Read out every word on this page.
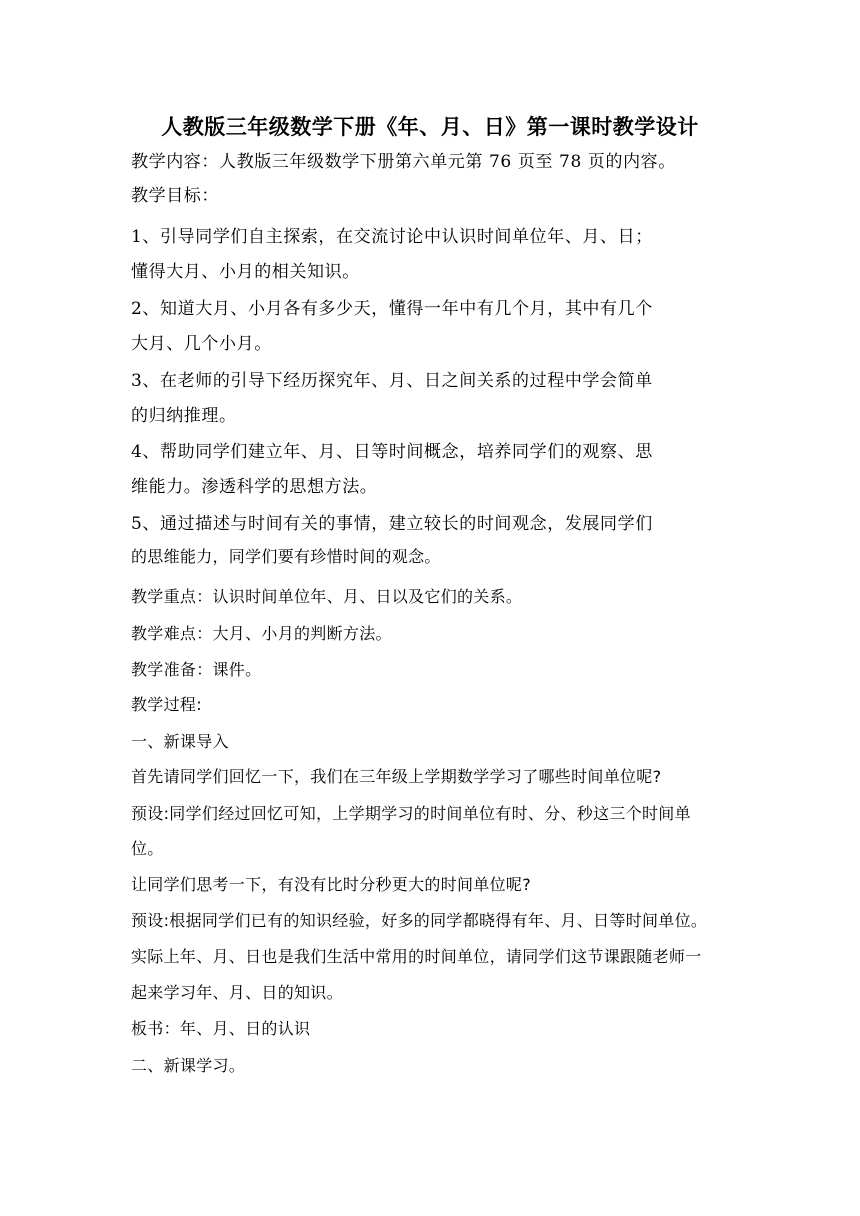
人教版三年级数学下册《年、月、日》第一课时教学设计
教学内容：人教版三年级数学下册第六单元第 76 页至 78 页的内容。
教学目标：
1、引导同学们自主探索，在交流讨论中认识时间单位年、月、日；
懂得大月、小月的相关知识。
2、知道大月、小月各有多少天，懂得一年中有几个月，其中有几个
大月、几个小月。
3、在老师的引导下经历探究年、月、日之间关系的过程中学会简单
的归纳推理。
4、帮助同学们建立年、月、日等时间概念，培养同学们的观察、思
维能力。渗透科学的思想方法。
5、通过描述与时间有关的事情，建立较长的时间观念，发展同学们
的思维能力，同学们要有珍惜时间的观念。
教学重点：认识时间单位年、月、日以及它们的关系。
教学难点：大月、小月的判断方法。
教学准备：课件。
教学过程:
一、新课导入
首先请同学们回忆一下，我们在三年级上学期数学学习了哪些时间单位呢?
预设:同学们经过回忆可知，上学期学习的时间单位有时、分、秒这三个时间单
位。
让同学们思考一下，有没有比时分秒更大的时间单位呢?
预设:根据同学们已有的知识经验，好多的同学都晓得有年、月、日等时间单位。
实际上年、月、日也是我们生活中常用的时间单位，请同学们这节课跟随老师一
起来学习年、月、日的知识。
板书：年、月、日的认识
二、新课学习。
